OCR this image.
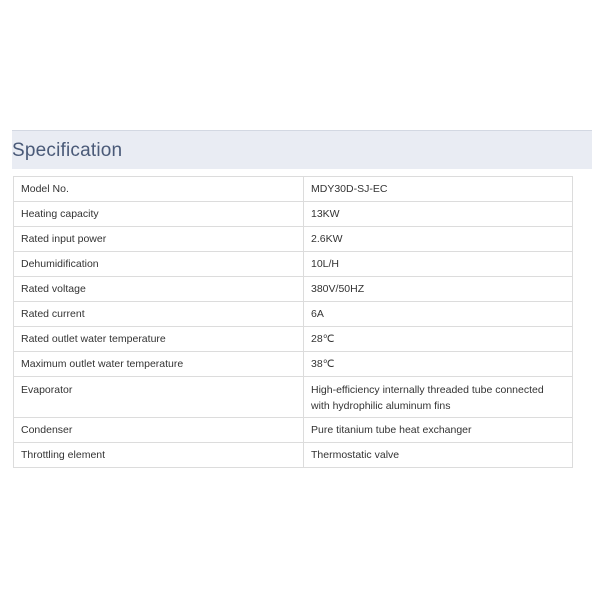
Specification
Model No.	MDY30D-SJ-EC
Heating capacity	13KW
Rated input power	2.6KW
Dehumidification	10L/H
Rated voltage	380V/50HZ
Rated current	6A
Rated outlet water temperature	28℃
Maximum outlet water temperature	38℃
Evaporator	High-efficiency internally threaded tube connected with hydrophilic aluminum fins
Condenser	Pure titanium tube heat exchanger
Throttling element	Thermostatic valve
